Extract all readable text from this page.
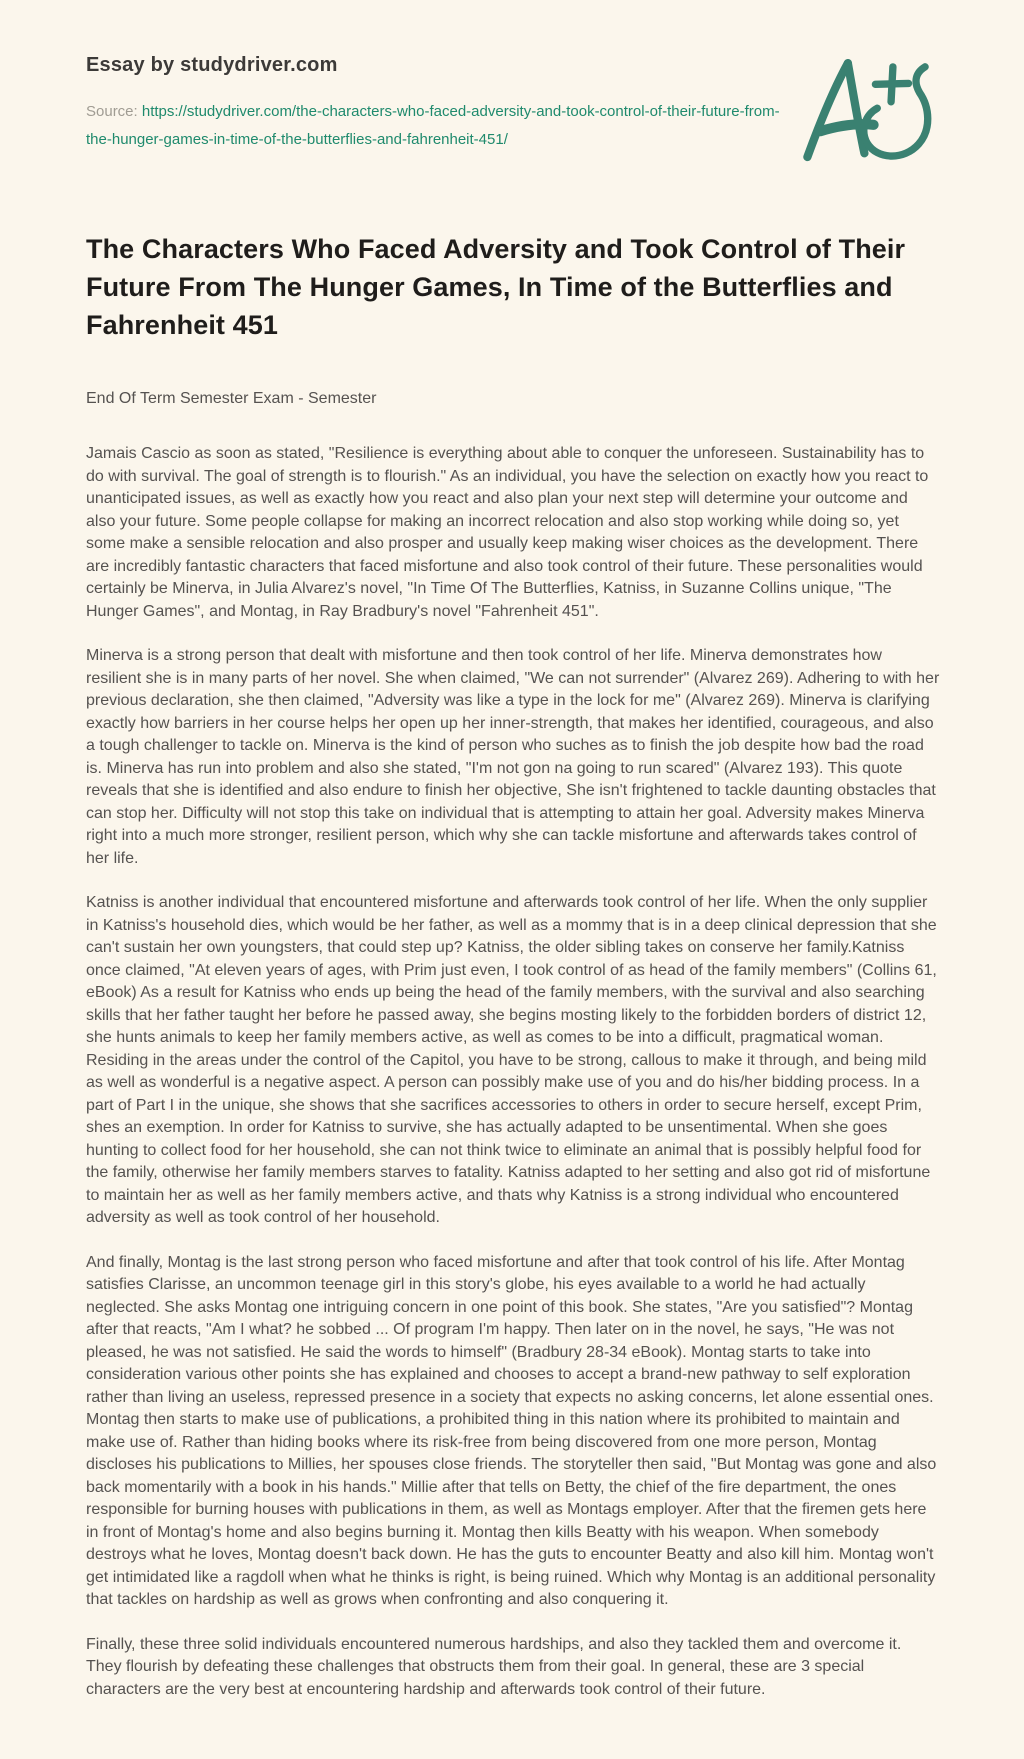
Essay by studydriver.com
Source: https://studydriver.com/the-characters-who-faced-adversity-and-took-control-of-their-future-from-the-hunger-games-in-time-of-the-butterflies-and-fahrenheit-451/
The Characters Who Faced Adversity and Took Control of Their Future From The Hunger Games, In Time of the Butterflies and Fahrenheit 451
End Of Term Semester Exam - Semester

Jamais Cascio as soon as stated, "Resilience is everything about able to conquer the unforeseen. Sustainability has to do with survival. The goal of strength is to flourish." As an individual, you have the selection on exactly how you react to unanticipated issues, as well as exactly how you react and also plan your next step will determine your outcome and also your future. Some people collapse for making an incorrect relocation and also stop working while doing so, yet some make a sensible relocation and also prosper and usually keep making wiser choices as the development. There are incredibly fantastic characters that faced misfortune and also took control of their future. These personalities would certainly be Minerva, in Julia Alvarez's novel, "In Time Of The Butterflies, Katniss, in Suzanne Collins unique, "The Hunger Games", and Montag, in Ray Bradbury's novel "Fahrenheit 451".

Minerva is a strong person that dealt with misfortune and then took control of her life. Minerva demonstrates how resilient she is in many parts of her novel. She when claimed, "We can not surrender" (Alvarez 269). Adhering to with her previous declaration, she then claimed, "Adversity was like a type in the lock for me" (Alvarez 269). Minerva is clarifying exactly how barriers in her course helps her open up her inner-strength, that makes her identified, courageous, and also a tough challenger to tackle on. Minerva is the kind of person who suches as to finish the job despite how bad the road is. Minerva has run into problem and also she stated, "I'm not gon na going to run scared" (Alvarez 193). This quote reveals that she is identified and also endure to finish her objective, She isn't frightened to tackle daunting obstacles that can stop her. Difficulty will not stop this take on individual that is attempting to attain her goal. Adversity makes Minerva right into a much more stronger, resilient person, which why she can tackle misfortune and afterwards takes control of her life.

Katniss is another individual that encountered misfortune and afterwards took control of her life. When the only supplier in Katniss's household dies, which would be her father, as well as a mommy that is in a deep clinical depression that she can't sustain her own youngsters, that could step up? Katniss, the older sibling takes on conserve her family.Katniss once claimed, "At eleven years of ages, with Prim just even, I took control of as head of the family members" (Collins 61, eBook) As a result for Katniss who ends up being the head of the family members, with the survival and also searching skills that her father taught her before he passed away, she begins mosting likely to the forbidden borders of district 12, she hunts animals to keep her family members active, as well as comes to be into a difficult, pragmatical woman. Residing in the areas under the control of the Capitol, you have to be strong, callous to make it through, and being mild as well as wonderful is a negative aspect. A person can possibly make use of you and do his/her bidding process. In a part of Part I in the unique, she shows that she sacrifices accessories to others in order to secure herself, except Prim, shes an exemption. In order for Katniss to survive, she has actually adapted to be unsentimental. When she goes hunting to collect food for her household, she can not think twice to eliminate an animal that is possibly helpful food for the family, otherwise her family members starves to fatality. Katniss adapted to her setting and also got rid of misfortune to maintain her as well as her family members active, and thats why Katniss is a strong individual who encountered adversity as well as took control of her household.

And finally, Montag is the last strong person who faced misfortune and after that took control of his life. After Montag satisfies Clarisse, an uncommon teenage girl in this story's globe, his eyes available to a world he had actually neglected. She asks Montag one intriguing concern in one point of this book. She states, "Are you satisfied"? Montag after that reacts, "Am I what? he sobbed ... Of program I'm happy. Then later on in the novel, he says, "He was not pleased, he was not satisfied. He said the words to himself" (Bradbury 28-34 eBook). Montag starts to take into consideration various other points she has explained and chooses to accept a brand-new pathway to self exploration rather than living an useless, repressed presence in a society that expects no asking concerns, let alone essential ones. Montag then starts to make use of publications, a prohibited thing in this nation where its prohibited to maintain and make use of. Rather than hiding books where its risk-free from being discovered from one more person, Montag discloses his publications to Millies, her spouses close friends. The storyteller then said, "But Montag was gone and also back momentarily with a book in his hands." Millie after that tells on Betty, the chief of the fire department, the ones responsible for burning houses with publications in them, as well as Montags employer. After that the firemen gets here in front of Montag's home and also begins burning it. Montag then kills Beatty with his weapon. When somebody destroys what he loves, Montag doesn't back down. He has the guts to encounter Beatty and also kill him. Montag won't get intimidated like a ragdoll when what he thinks is right, is being ruined. Which why Montag is an additional personality that tackles on hardship as well as grows when confronting and also conquering it.

Finally, these three solid individuals encountered numerous hardships, and also they tackled them and overcome it. They flourish by defeating these challenges that obstructs them from their goal. In general, these are 3 special characters are the very best at encountering hardship and afterwards took control of their future.
